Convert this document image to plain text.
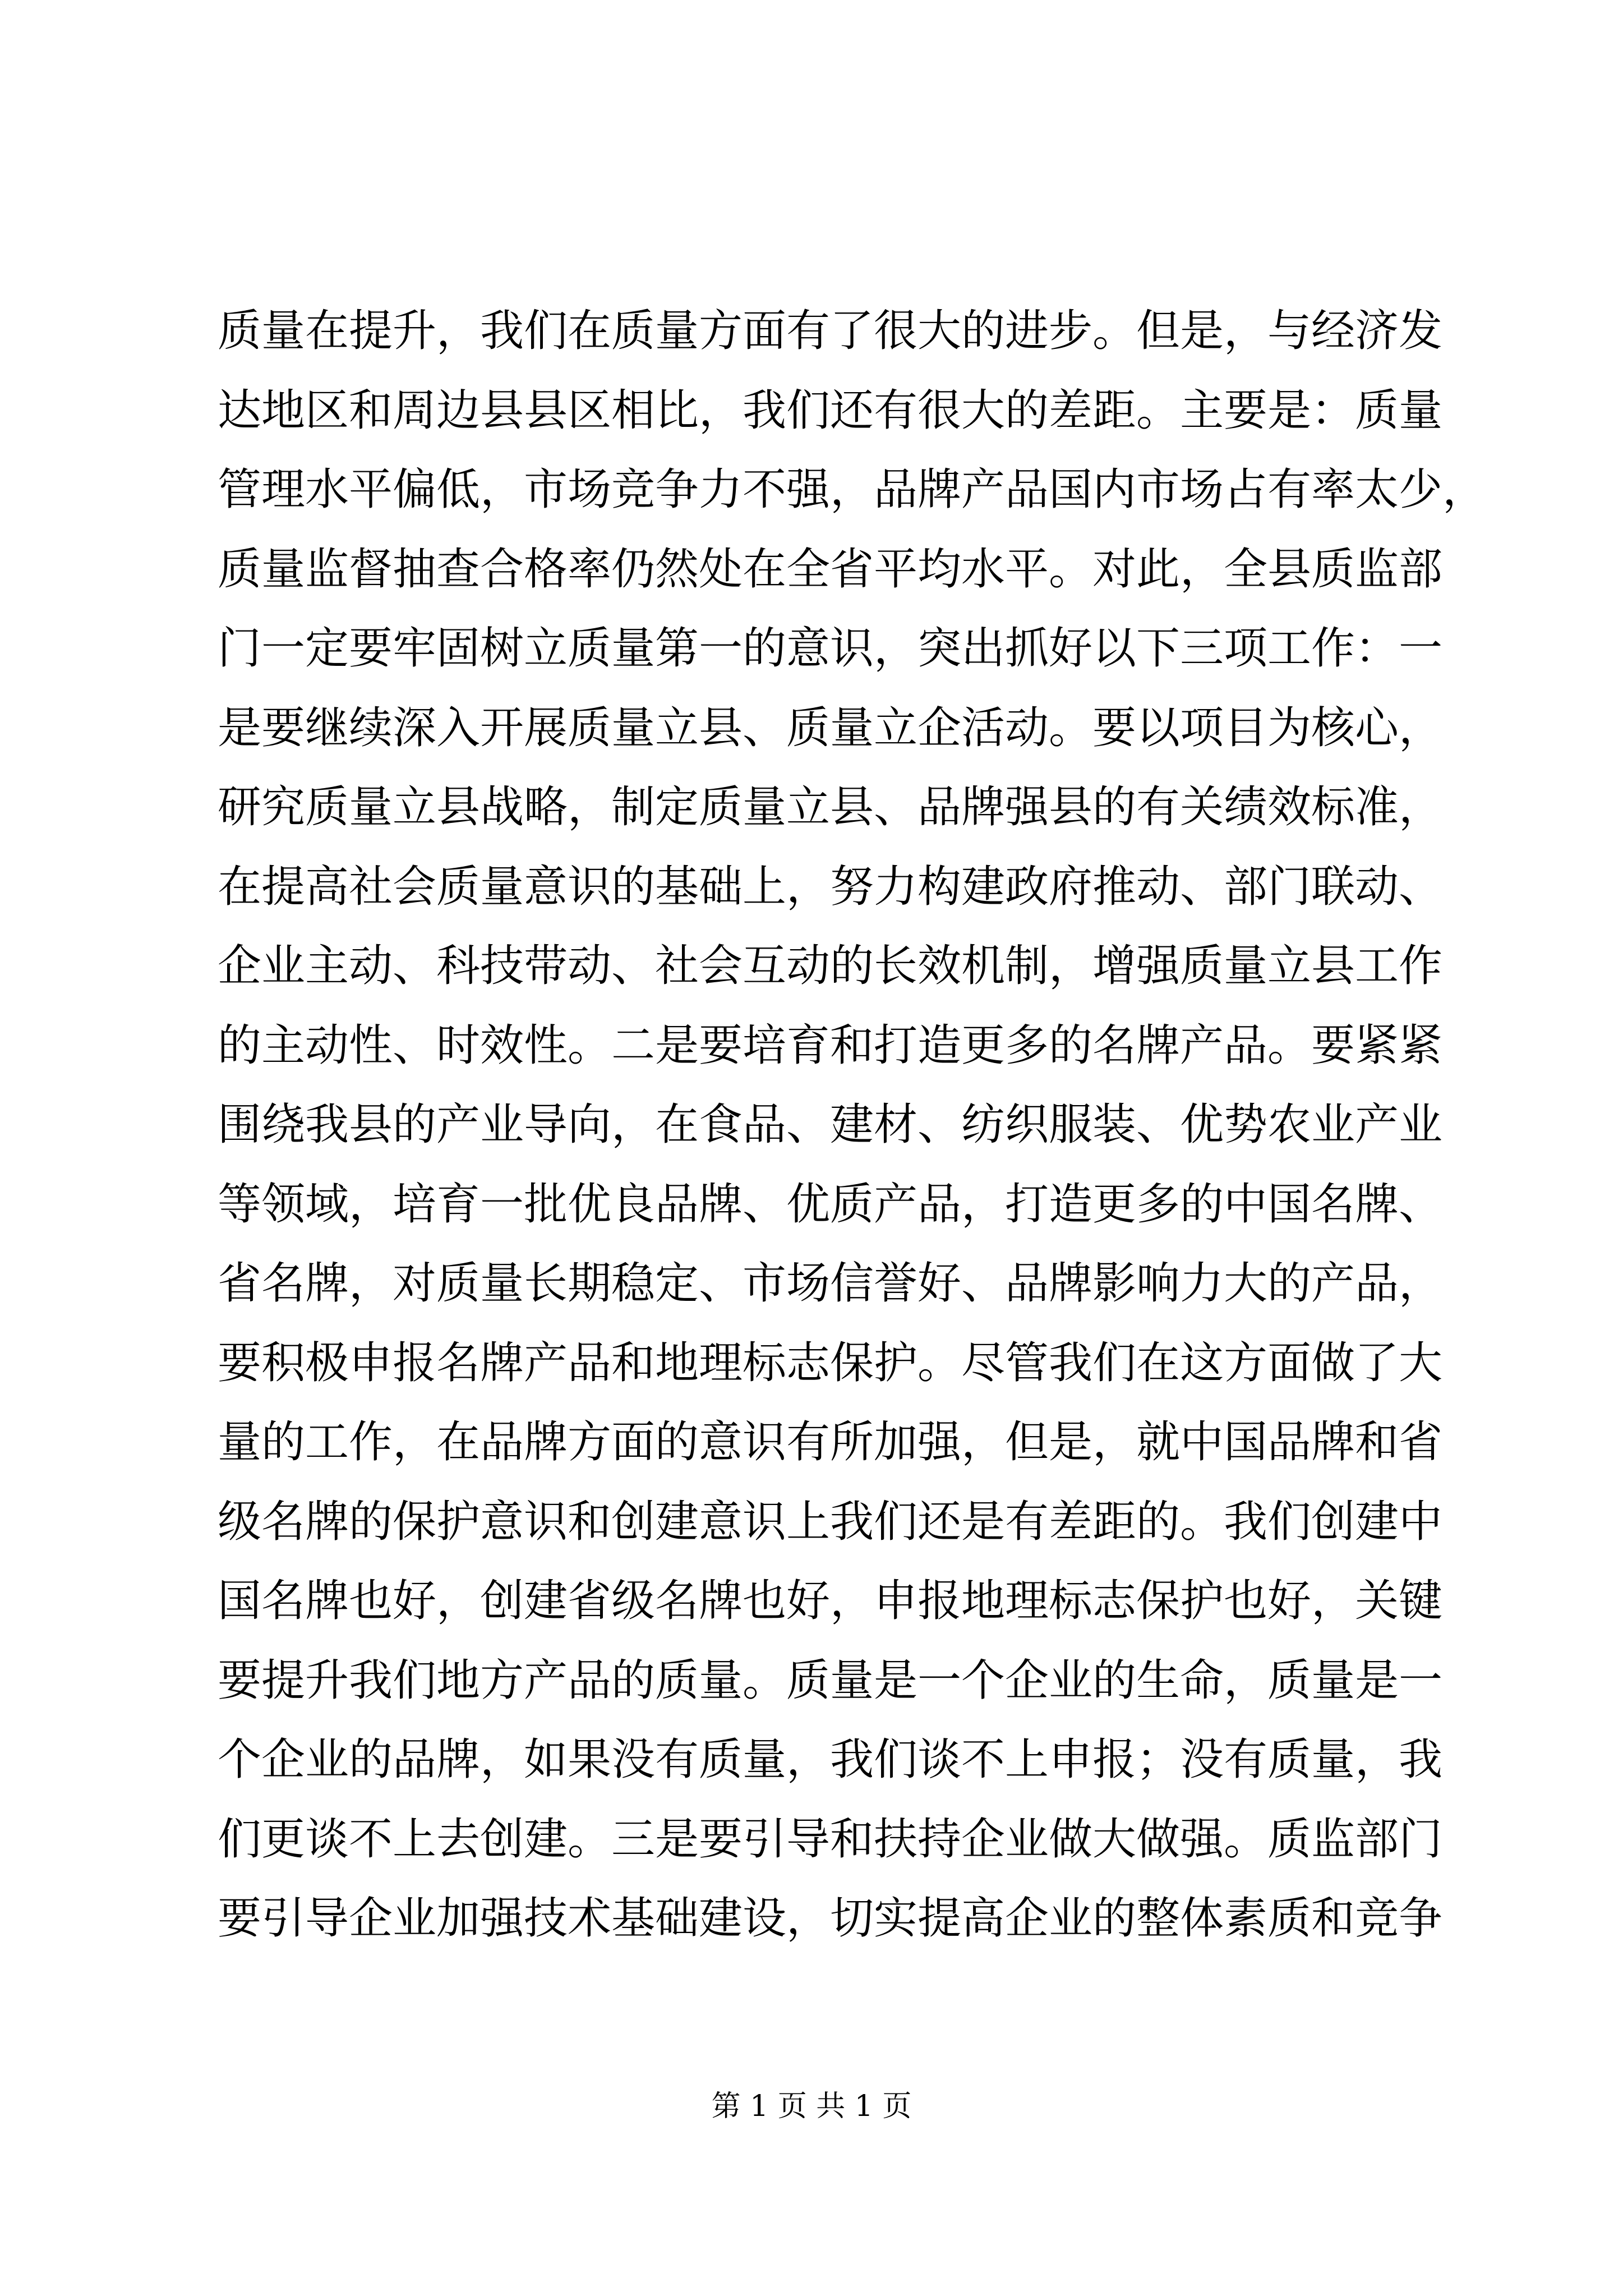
质量在提升，我们在质量方面有了很大的进步。但是，与经济发
达地区和周边县县区相比，我们还有很大的差距。主要是：质量
管理水平偏低，市场竞争力不强，品牌产品国内市场占有率太少，
质量监督抽查合格率仍然处在全省平均水平。对此，全县质监部
门一定要牢固树立质量第一的意识，突出抓好以下三项工作：一
是要继续深入开展质量立县、质量立企活动。要以项目为核心，
研究质量立县战略，制定质量立县、品牌强县的有关绩效标准，
在提高社会质量意识的基础上，努力构建政府推动、部门联动、
企业主动、科技带动、社会互动的长效机制，增强质量立县工作
的主动性、时效性。二是要培育和打造更多的名牌产品。要紧紧
围绕我县的产业导向，在食品、建材、纺织服装、优势农业产业
等领域，培育一批优良品牌、优质产品，打造更多的中国名牌、
省名牌，对质量长期稳定、市场信誉好、品牌影响力大的产品，
要积极申报名牌产品和地理标志保护。尽管我们在这方面做了大
量的工作，在品牌方面的意识有所加强，但是，就中国品牌和省
级名牌的保护意识和创建意识上我们还是有差距的。我们创建中
国名牌也好，创建省级名牌也好，申报地理标志保护也好，关键
要提升我们地方产品的质量。质量是一个企业的生命，质量是一
个企业的品牌，如果没有质量，我们谈不上申报；没有质量，我
们更谈不上去创建。三是要引导和扶持企业做大做强。质监部门
要引导企业加强技术基础建设，切实提高企业的整体素质和竞争
第 1 页 共 1 页
